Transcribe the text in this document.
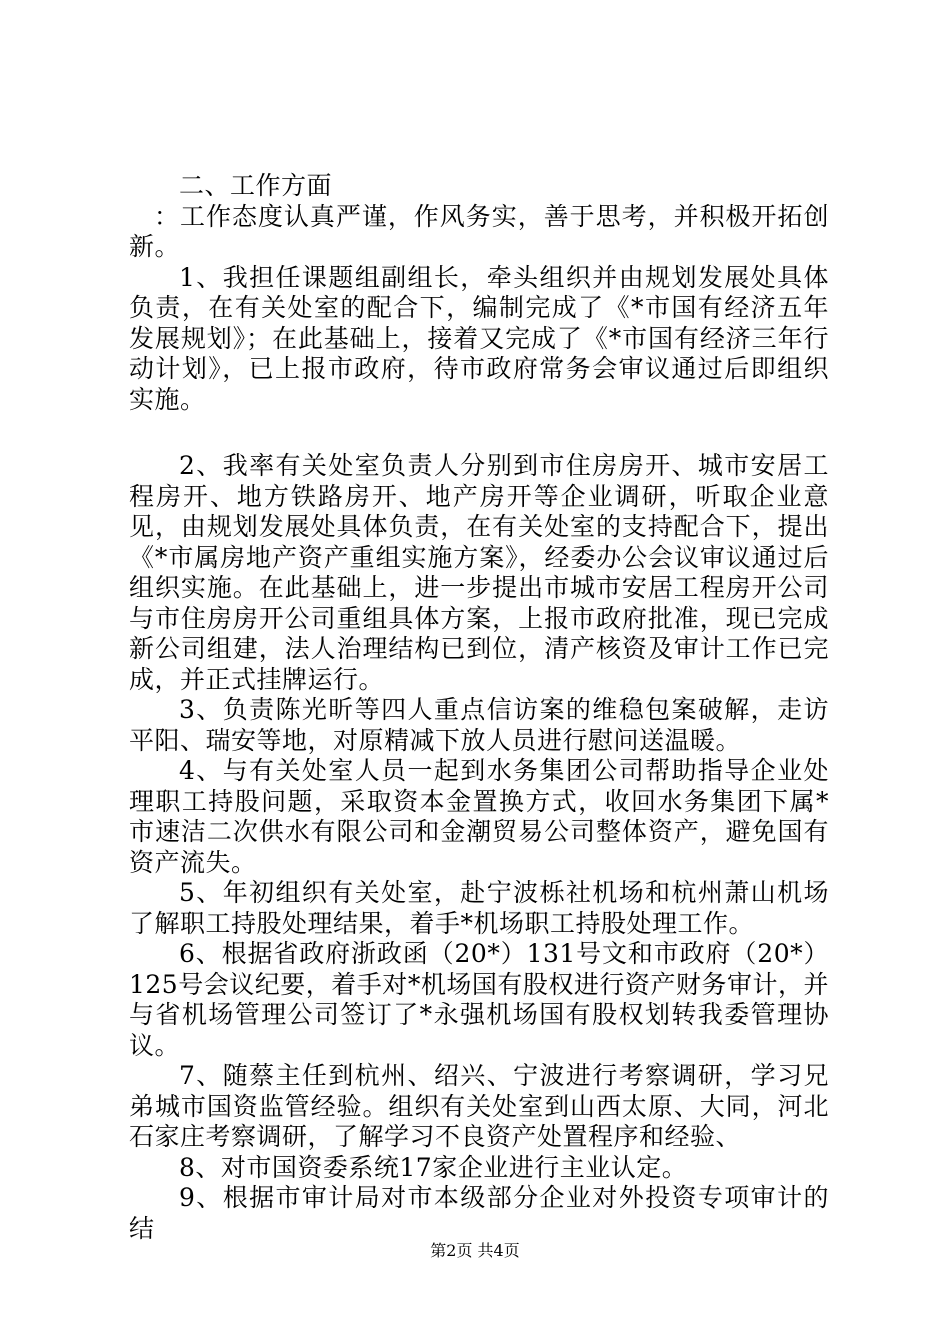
二、工作方面

：工作态度认真严谨，作风务实，善于思考，并积极开拓创新。

1、我担任课题组副组长，牵头组织并由规划发展处具体负责，在有关处室的配合下，编制完成了《*市国有经济五年发展规划》；在此基础上，接着又完成了《*市国有经济三年行动计划》，已上报市政府，待市政府常务会审议通过后即组织实施。

2、我率有关处室负责人分别到市住房房开、城市安居工程房开、地方铁路房开、地产房开等企业调研，听取企业意见，由规划发展处具体负责，在有关处室的支持配合下，提出《*市属房地产资产重组实施方案》，经委办公会议审议通过后组织实施。在此基础上，进一步提出市城市安居工程房开公司与市住房房开公司重组具体方案，上报市政府批准，现已完成新公司组建，法人治理结构已到位，清产核资及审计工作已完成，并正式挂牌运行。

3、负责陈光昕等四人重点信访案的维稳包案破解，走访平阳、瑞安等地，对原精减下放人员进行慰问送温暖。

4、与有关处室人员一起到水务集团公司帮助指导企业处理职工持股问题，采取资本金置换方式，收回水务集团下属*市速洁二次供水有限公司和金潮贸易公司整体资产，避免国有资产流失。

5、年初组织有关处室，赴宁波栎社机场和杭州萧山机场了解职工持股处理结果，着手*机场职工持股处理工作。

6、根据省政府浙政函（20*）131号文和市政府（20*）125号会议纪要，着手对*机场国有股权进行资产财务审计，并与省机场管理公司签订了*永强机场国有股权划转我委管理协议。

7、随蔡主任到杭州、绍兴、宁波进行考察调研，学习兄弟城市国资监管经验。组织有关处室到山西太原、大同，河北石家庄考察调研，了解学习不良资产处置程序和经验、

8、对市国资委系统17家企业进行主业认定。

9、根据市审计局对市本级部分企业对外投资专项审计的结

第2页 共4页
